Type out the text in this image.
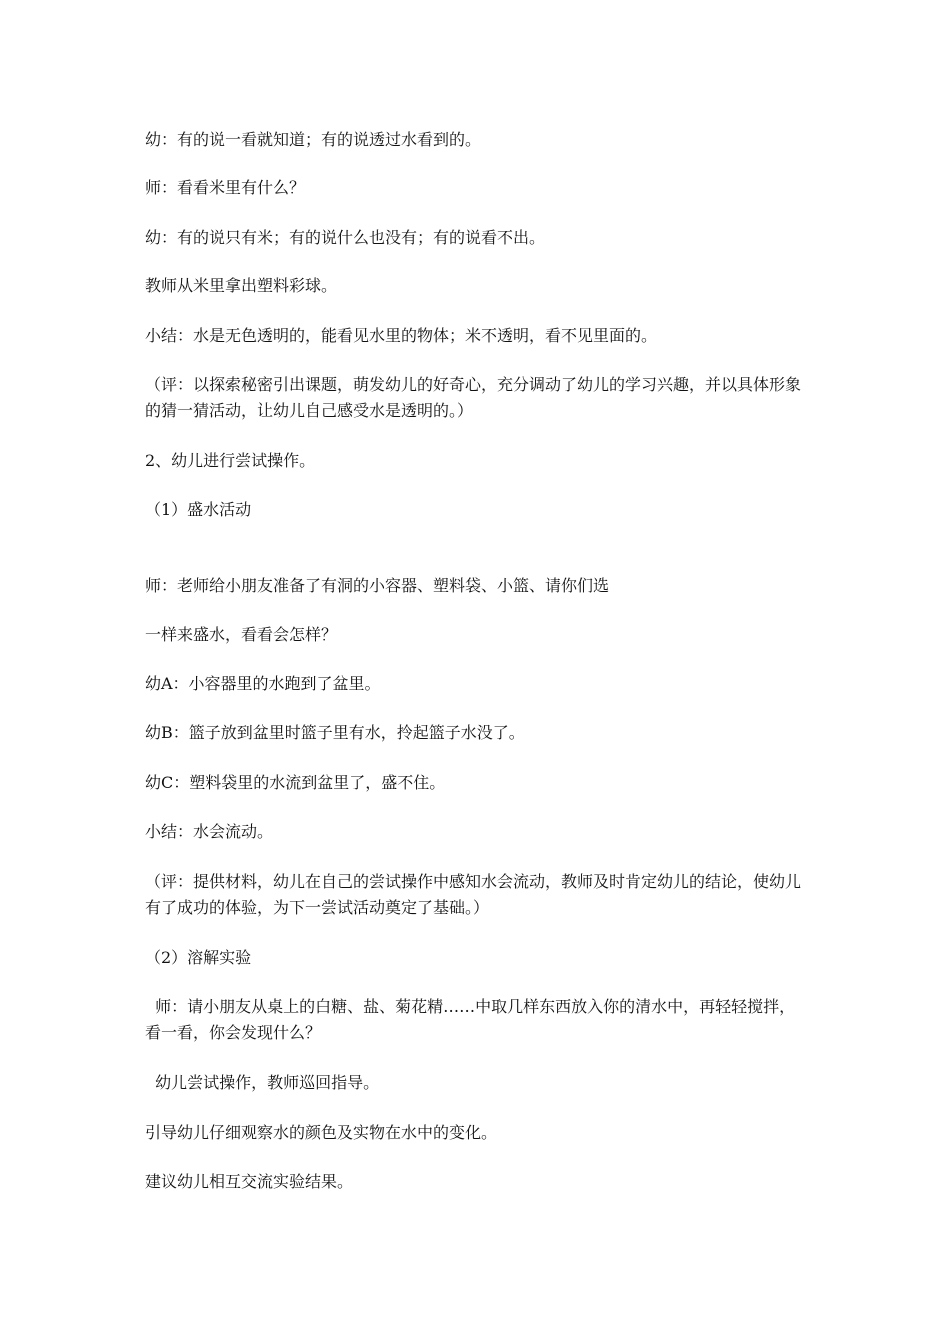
幼：有的说一看就知道；有的说透过水看到的。

师：看看米里有什么？

幼：有的说只有米；有的说什么也没有；有的说看不出。

教师从米里拿出塑料彩球。

小结：水是无色透明的，能看见水里的物体；米不透明，看不见里面的。

（评：以探索秘密引出课题，萌发幼儿的好奇心，充分调动了幼儿的学习兴趣，并以具体形象的猜一猜活动，让幼儿自己感受水是透明的。）

2、幼儿进行尝试操作。

（1）盛水活动

师：老师给小朋友准备了有洞的小容器、塑料袋、小篮、请你们选

一样来盛水，看看会怎样？

幼A：小容器里的水跑到了盆里。

幼B：篮子放到盆里时篮子里有水，拎起篮子水没了。

幼C：塑料袋里的水流到盆里了，盛不住。

小结：水会流动。

（评：提供材料，幼儿在自己的尝试操作中感知水会流动，教师及时肯定幼儿的结论，使幼儿有了成功的体验，为下一尝试活动奠定了基础。）

（2）溶解实验

师：请小朋友从桌上的白糖、盐、菊花精……中取几样东西放入你的清水中，再轻轻搅拌，看一看，你会发现什么？

幼儿尝试操作，教师巡回指导。

引导幼儿仔细观察水的颜色及实物在水中的变化。

建议幼儿相互交流实验结果。
